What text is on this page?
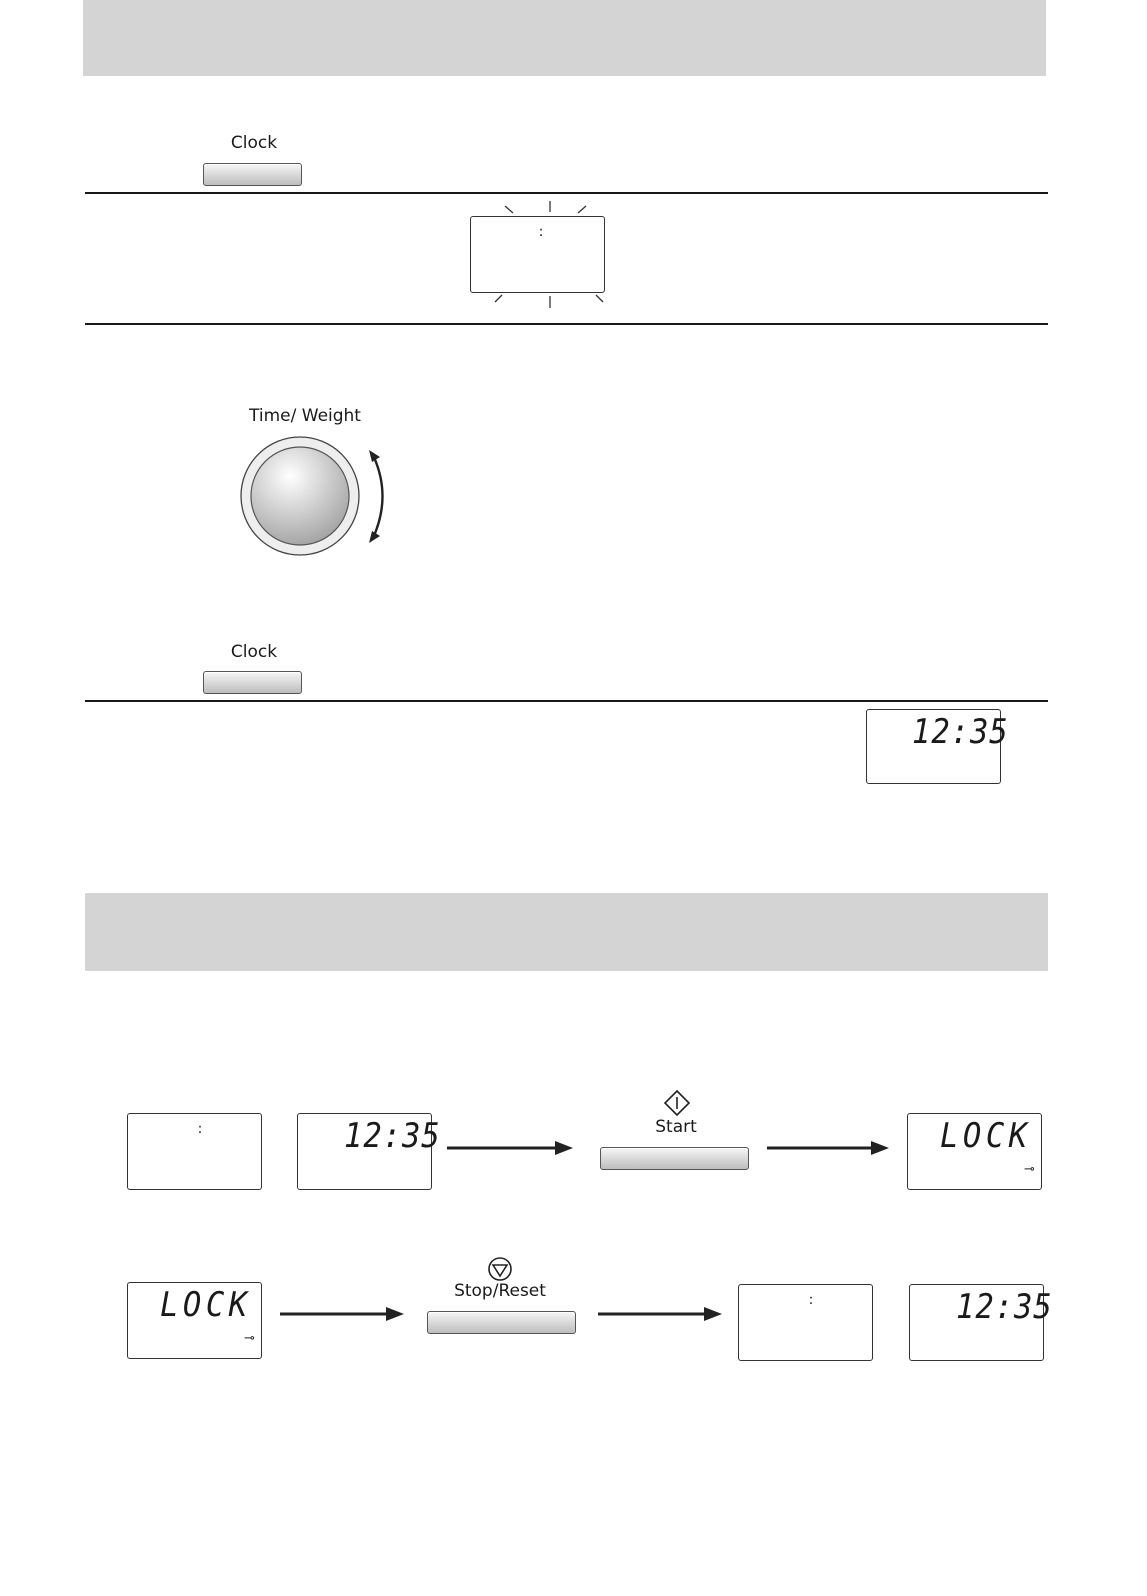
Clock
:
Time/ Weight
Clock
12:35
:	12:35	Start	LOCK
⊸
LOCK
⊸
Stop/Reset	:	12:35
